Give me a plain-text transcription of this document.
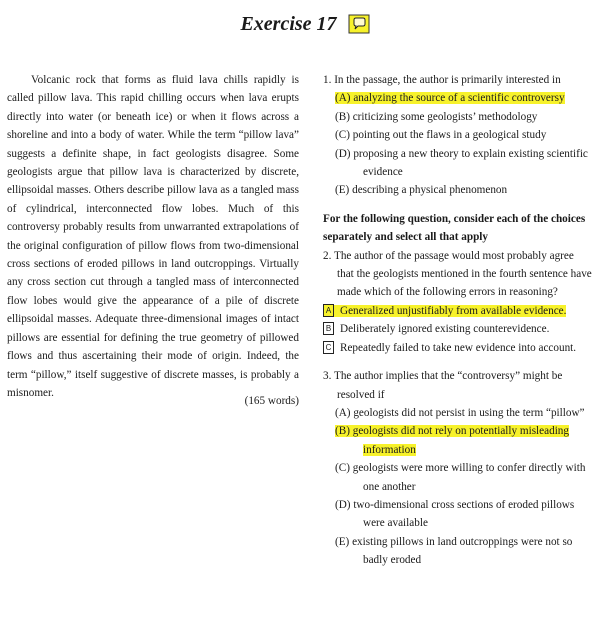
Exercise 17

Volcanic rock that forms as fluid lava chills rapidly is called pillow lava. This rapid chilling occurs when lava erupts directly into water (or beneath ice) or when it flows across a shoreline and into a body of water. While the term “pillow lava” suggests a definite shape, in fact geologists disagree. Some geologists argue that pillow lava is characterized by discrete, ellipsoidal masses. Others describe pillow lava as a tangled mass of cylindrical, interconnected flow lobes. Much of this controversy probably results from unwarranted extrapolations of the original configuration of pillow flows from two-dimensional cross sections of eroded pillows in land outcroppings. Virtually any cross section cut through a tangled mass of interconnected flow lobes would give the appearance of a pile of discrete ellipsoidal masses. Adequate three-dimensional images of intact pillows are essential for defining the true geometry of pillowed flows and thus ascertaining their mode of origin. Indeed, the term “pillow,” itself suggestive of discrete masses, is probably a misnomer.

(165 words)
1. In the passage, the author is primarily interested in
(A) analyzing the source of a scientific controversy
(B) criticizing some geologists’ methodology
(C) pointing out the flaws in a geological study
(D) proposing a new theory to explain existing scientific evidence
(E) describing a physical phenomenon
For the following question, consider each of the choices separately and select all that apply
2. The author of the passage would most probably agree that the geologists mentioned in the fourth sentence have made which of the following errors in reasoning?
A Generalized unjustifiably from available evidence.
B Deliberately ignored existing counterevidence.
C Repeatedly failed to take new evidence into account.
3. The author implies that the “controversy” might be resolved if
(A) geologists did not persist in using the term “pillow”
(B) geologists did not rely on potentially misleading information
(C) geologists were more willing to confer directly with one another
(D) two-dimensional cross sections of eroded pillows were available
(E) existing pillows in land outcroppings were not so badly eroded
